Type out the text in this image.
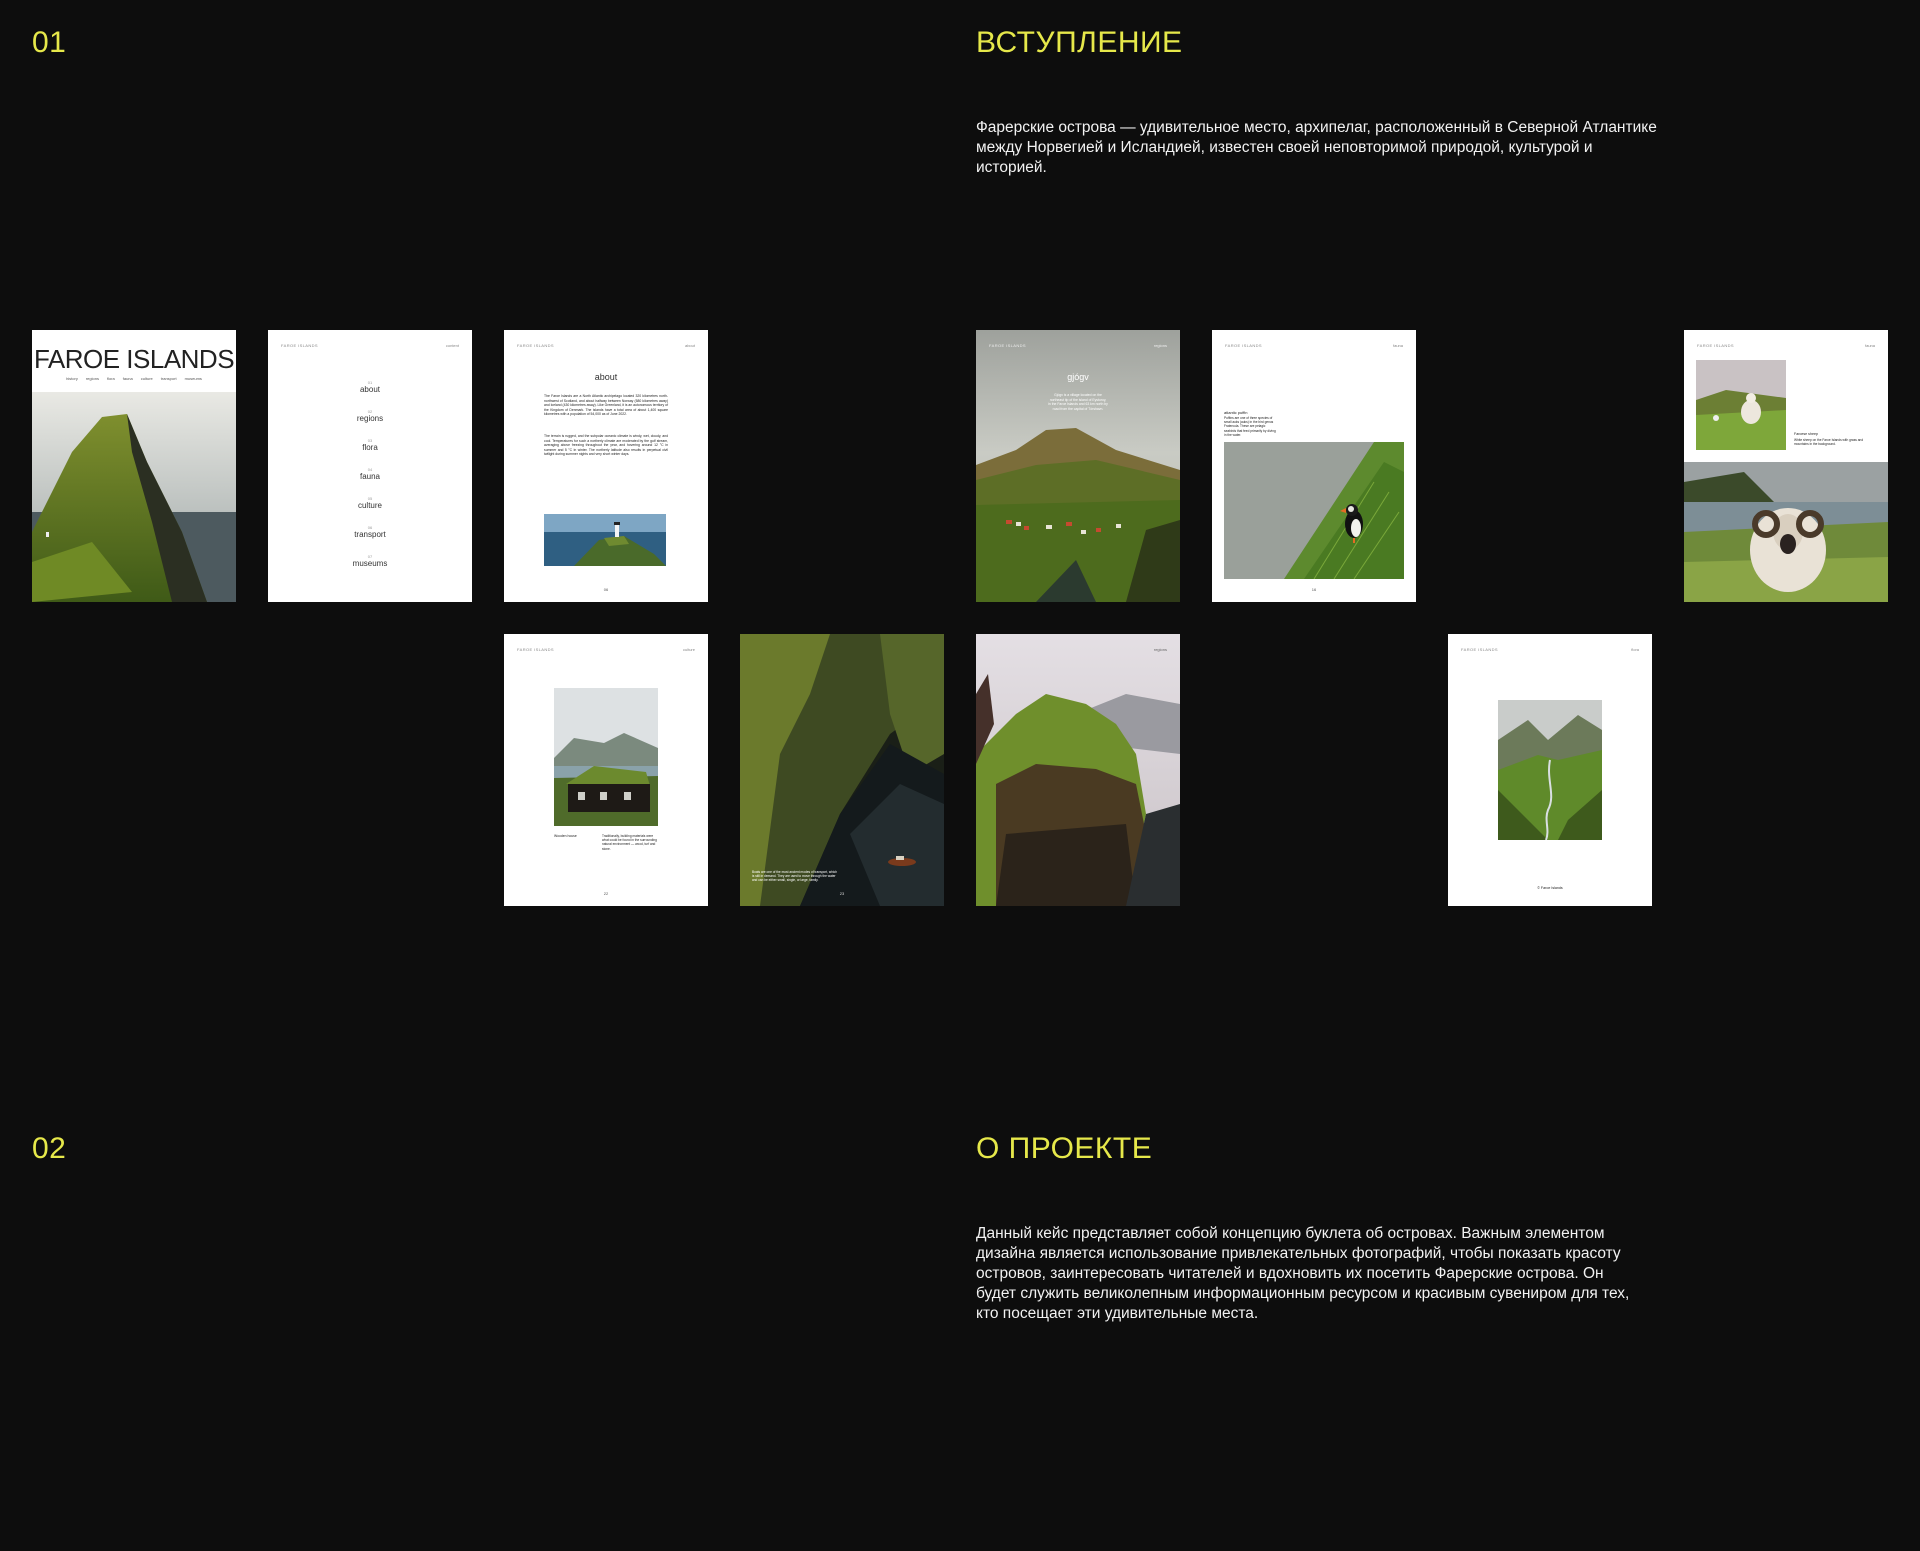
01	ВСТУПЛЕНИЕ

Фарерские острова — удивительное место, архипелаг, расположенный в Северной Атлантике между Норвегией и Исландией, известен своей неповторимой природой, культурой и историей.

FAROE ISLANDS
history regions flora fauna culture transport museums
FAROE ISLANDS	content
01
about
02
regions
03
flora
04
fauna
05
culture
06
transport
07
museums
FAROE ISLANDS	about
about
The Faroe Islands are a North Atlantic archipelago located 320 kilometres north-northwest of Scotland, and about halfway between Norway (580 kilometres away) and Iceland (430 kilometres away). Like Greenland, it is an autonomous territory of the Kingdom of Denmark. The islands have a total area of about 1,400 square kilometres with a population of 54,000 as of June 2022.
The terrain is rugged, and the subpolar oceanic climate is windy, wet, cloudy, and cool. Temperatures for such a northerly climate are moderated by the gulf stream, averaging above freezing throughout the year, and hovering around 12 °C in summer and 5 °C in winter. The northerly latitude also results in perpetual civil twilight during summer nights and very short winter days.
06
FAROE ISLANDS	regions
gjógv
Gjógv is a village located on the northeast tip of the island of Eysturoy, in the Faroe Islands and 63 km north by road from the capital of Tórshavn.
FAROE ISLANDS	fauna
atlantic puffin
Puffins are one of three species of small auks (auks) in the bird genus Fratercula. These are pelagic seabirds that feed primarily by diving in the water.
16
FAROE ISLANDS	fauna
Faroese sheep
White sheep on the Faroe Islands with grass and mountains in the background.
FAROE ISLANDS	culture
Wooden house	Traditionally, building materials were what could be found in the surrounding natural environment — wood, turf and stone.
22
Boats are one of the most ancient modes of transport, which is still in demand. They are used to move through the water and can be either small, single, or large, family.
23
regions	FAROE ISLANDS	flora
© Faroe Islands
02	О ПРОЕКТЕ

Данный кейс представляет собой концепцию буклета об островах. Важным элементом дизайна является использование привлекательных фотографий, чтобы показать красоту островов, заинтересовать читателей и вдохновить их посетить Фарерские острова. Он будет служить великолепным информационным ресурсом и красивым сувениром для тех, кто посещает эти удивительные места.
